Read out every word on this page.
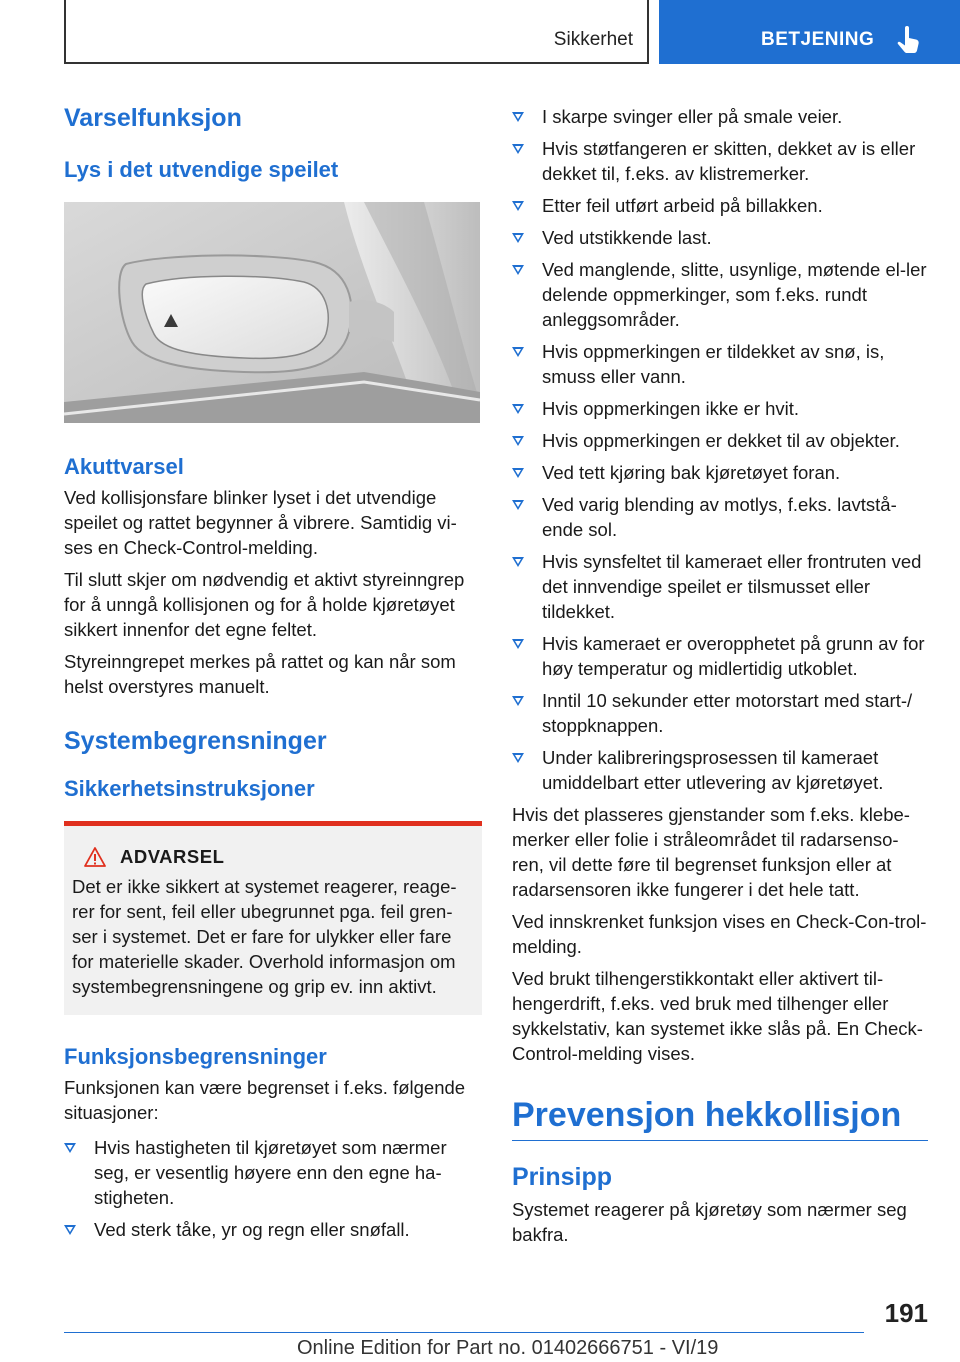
Sikkerhet	BETJENING
Varselfunksjon
Lys i det utvendige speilet
Akuttvarsel

Ved kollisjonsfare blinker lyset i det utvendige speilet og rattet begynner å vibrere. Samtidig vi-ses en Check-Control-melding.

Til slutt skjer om nødvendig et aktivt styreinngrep for å unngå kollisjonen og for å holde kjøretøyet sikkert innenfor det egne feltet.

Styreinngrepet merkes på rattet og kan når som helst overstyres manuelt.

Systembegrensninger
Sikkerhetsinstruksjoner
ADVARSEL

Det er ikke sikkert at systemet reagerer, reage-rer for sent, feil eller ubegrunnet pga. feil gren-ser i systemet. Det er fare for ulykker eller fare for materielle skader. Overhold informasjon om systembegrensningene og grip ev. inn aktivt.

Funksjonsbegrensninger

Funksjonen kan være begrenset i f.eks. følgende situasjoner:

Hvis hastigheten til kjøretøyet som nærmer seg, er vesentlig høyere enn den egne ha-stigheten.
Ved sterk tåke, yr og regn eller snøfall.
I skarpe svinger eller på smale veier.
Hvis støtfangeren er skitten, dekket av is eller dekket til, f.eks. av klistremerker.
Etter feil utført arbeid på billakken.
Ved utstikkende last.
Ved manglende, slitte, usynlige, møtende el-ler delende oppmerkinger, som f.eks. rundt anleggsområder.
Hvis oppmerkingen er tildekket av snø, is, smuss eller vann.
Hvis oppmerkingen ikke er hvit.
Hvis oppmerkingen er dekket til av objekter.
Ved tett kjøring bak kjøretøyet foran.
Ved varig blending av motlys, f.eks. lavtstå-ende sol.
Hvis synsfeltet til kameraet eller frontruten ved det innvendige speilet er tilsmusset eller tildekket.
Hvis kameraet er overopphetet på grunn av for høy temperatur og midlertidig utkoblet.
Inntil 10 sekunder etter motorstart med start-/ stoppknappen.
Under kalibreringsprosessen til kameraet umiddelbart etter utlevering av kjøretøyet.

Hvis det plasseres gjenstander som f.eks. klebe-merker eller folie i stråleområdet til radarsenso-ren, vil dette føre til begrenset funksjon eller at radarsensoren ikke fungerer i det hele tatt.

Ved innskrenket funksjon vises en Check-Con-trol-melding.

Ved brukt tilhengerstikkontakt eller aktivert til-hengerdrift, f.eks. ved bruk med tilhenger eller sykkelstativ, kan systemet ikke slås på. En Check-Control-melding vises.

Prevensjon hekkollisjon
Prinsipp

Systemet reagerer på kjøretøy som nærmer seg bakfra.

191
Online Edition for Part no. 01402666751 - VI/19
